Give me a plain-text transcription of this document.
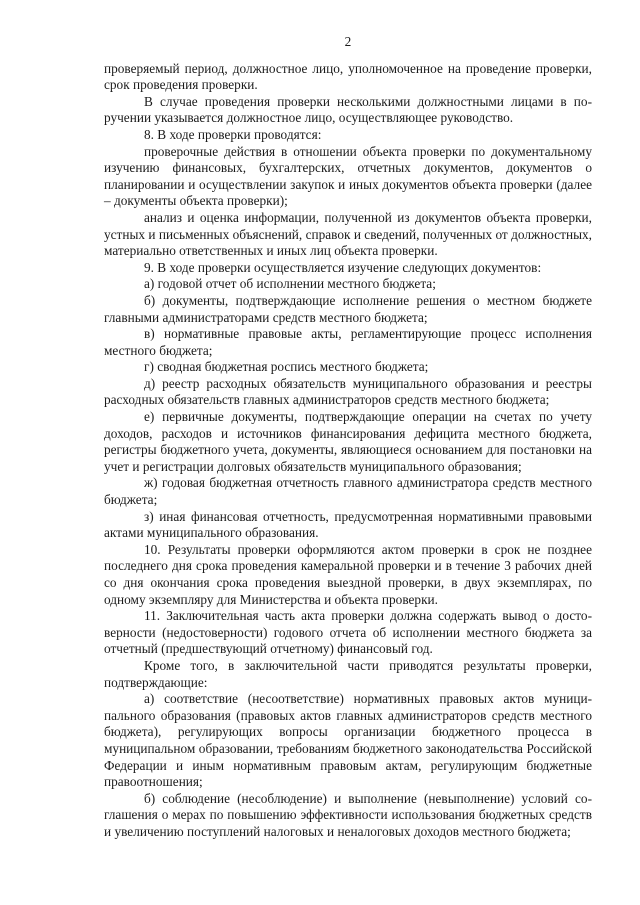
2

проверяемый период, должностное лицо, уполномоченное на проведение проверки, срок проведения проверки.

В случае проведения проверки несколькими должностными лицами в поручении указывается должностное лицо, осуществляющее руководство.

8. В ходе проверки проводятся:

проверочные действия в отношении объекта проверки по документальному изучению финансовых, бухгалтерских, отчетных документов, документов о планировании и осуществлении закупок и иных документов объекта проверки (далее – документы объекта проверки);

анализ и оценка информации, полученной из документов объекта проверки, устных и письменных объяснений, справок и сведений, полученных от должностных, материально ответственных и иных лиц объекта проверки.

9. В ходе проверки осуществляется изучение следующих документов:

а) годовой отчет об исполнении местного бюджета;

б) документы, подтверждающие исполнение решения о местном бюджете главными администраторами средств местного бюджета;

в) нормативные правовые акты, регламентирующие процесс исполнения местного бюджета;

г) сводная бюджетная роспись местного бюджета;

д) реестр расходных обязательств муниципального образования и реестры расходных обязательств главных администраторов средств местного бюджета;

е) первичные документы, подтверждающие операции на счетах по учету доходов, расходов и источников финансирования дефицита местного бюджета, регистры бюджетного учета, документы, являющиеся основанием для постановки на учет и регистрации долговых обязательств муниципального образования;

ж) годовая бюджетная отчетность главного администратора средств местного бюджета;

з) иная финансовая отчетность, предусмотренная нормативными правовыми актами муниципального образования.

10. Результаты проверки оформляются актом проверки в срок не позднее последнего дня срока проведения камеральной проверки и в течение 3 рабочих дней со дня окончания срока проведения выездной проверки, в двух экземплярах, по одному экземпляру для Министерства и объекта проверки.

11. Заключительная часть акта проверки должна содержать вывод о достоверности (недостоверности) годового отчета об исполнении местного бюджета за отчетный (предшествующий отчетному) финансовый год.

Кроме того, в заключительной части приводятся результаты проверки, подтверждающие:

а) соответствие (несоответствие) нормативных правовых актов муниципального образования (правовых актов главных администраторов средств местного бюджета), регулирующих вопросы организации бюджетного процесса в муниципальном образовании, требованиям бюджетного законодательства Российской Федерации и иным нормативным правовым актам, регулирующим бюджетные правоотношения;

б) соблюдение (несоблюдение) и выполнение (невыполнение) условий соглашения о мерах по повышению эффективности использования бюджетных средств и увеличению поступлений налоговых и неналоговых доходов местного бюджета;
